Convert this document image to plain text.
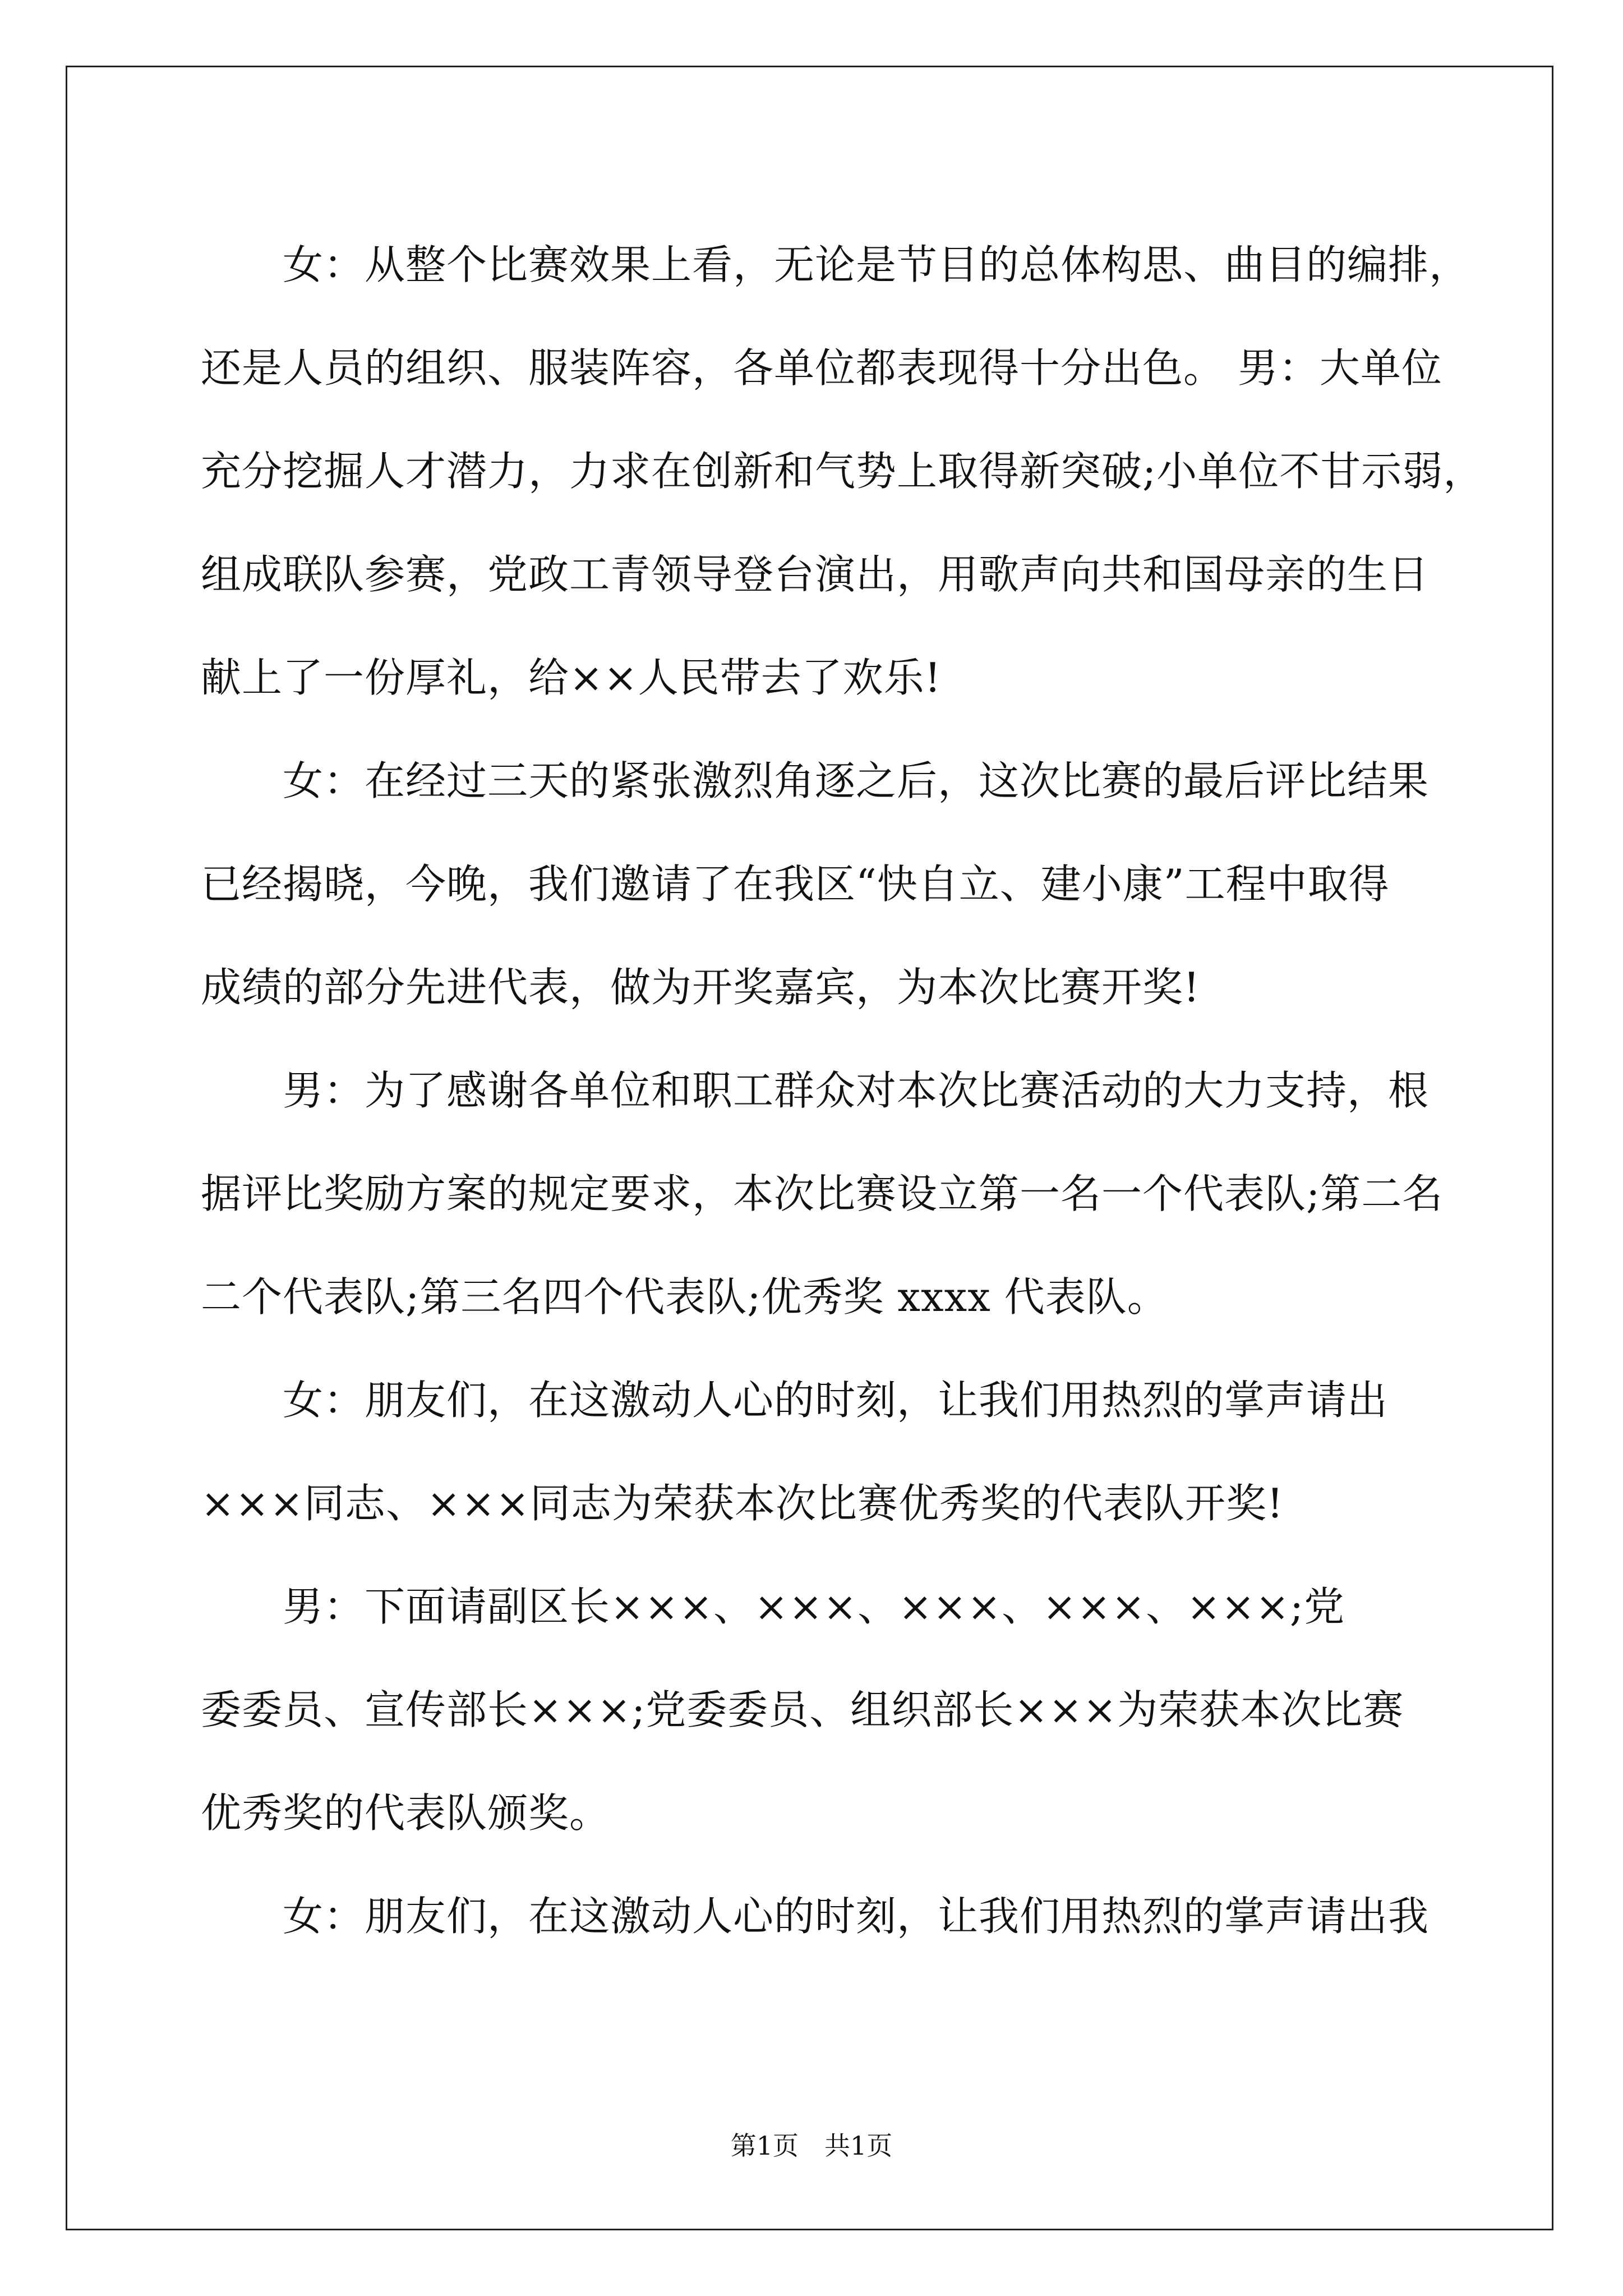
　　女：从整个比赛效果上看，无论是节目的总体构思、曲目的编排，
还是人员的组织、服装阵容，各单位都表现得十分出色。 男：大单位
充分挖掘人才潜力，力求在创新和气势上取得新突破;小单位不甘示弱，
组成联队参赛，党政工青领导登台演出，用歌声向共和国母亲的生日
献上了一份厚礼，给××人民带去了欢乐!
　　女：在经过三天的紧张激烈角逐之后，这次比赛的最后评比结果
已经揭晓，今晚，我们邀请了在我区“快自立、建小康”工程中取得
成绩的部分先进代表，做为开奖嘉宾，为本次比赛开奖!
　　男：为了感谢各单位和职工群众对本次比赛活动的大力支持，根
据评比奖励方案的规定要求，本次比赛设立第一名一个代表队;第二名
二个代表队;第三名四个代表队;优秀奖 xxxx 代表队。
　　女：朋友们，在这激动人心的时刻，让我们用热烈的掌声请出
×××同志、×××同志为荣获本次比赛优秀奖的代表队开奖!
　　男：下面请副区长×××、×××、×××、×××、×××;党
委委员、宣传部长×××;党委委员、组织部长×××为荣获本次比赛
优秀奖的代表队颁奖。
　　女：朋友们，在这激动人心的时刻，让我们用热烈的掌声请出我
第1页　共1页
